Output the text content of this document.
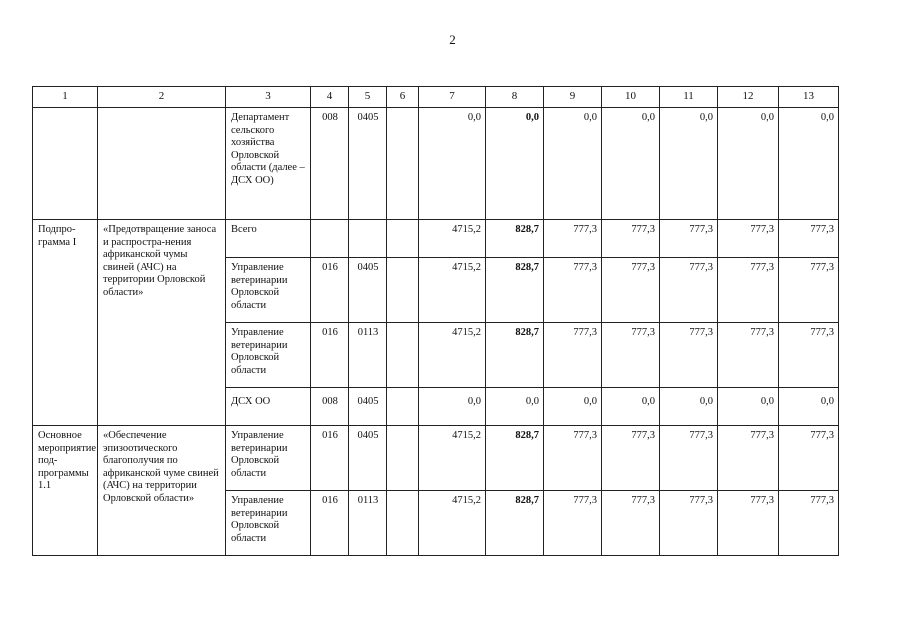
2
1	2	3	4	5	6	7	8	9	10	11	12	13
		Департамент сельского хозяйства Орловской области (далее – ДСХ ОО)	008	0405		0,0	0,0	0,0	0,0	0,0	0,0	0,0
Подпро-грамма I	«Предотвращение заноса и распростра-нения африканской чумы свиней (АЧС) на территории Орловской области»	Всего				4715,2	828,7	777,3	777,3	777,3	777,3	777,3
		Управление ветеринарии Орловской области	016	0405		4715,2	828,7	777,3	777,3	777,3	777,3	777,3
		Управление ветеринарии Орловской области	016	0113		4715,2	828,7	777,3	777,3	777,3	777,3	777,3
		ДСХ ОО	008	0405		0,0	0,0	0,0	0,0	0,0	0,0	0,0
Основное мероприятие под-программы 1.1	«Обеспечение эпизоотического благополучия по африканской чуме свиней (АЧС) на территории Орловской области»	Управление ветеринарии Орловской области	016	0405		4715,2	828,7	777,3	777,3	777,3	777,3	777,3
		Управление ветеринарии Орловской области	016	0113		4715,2	828,7	777,3	777,3	777,3	777,3	777,3
